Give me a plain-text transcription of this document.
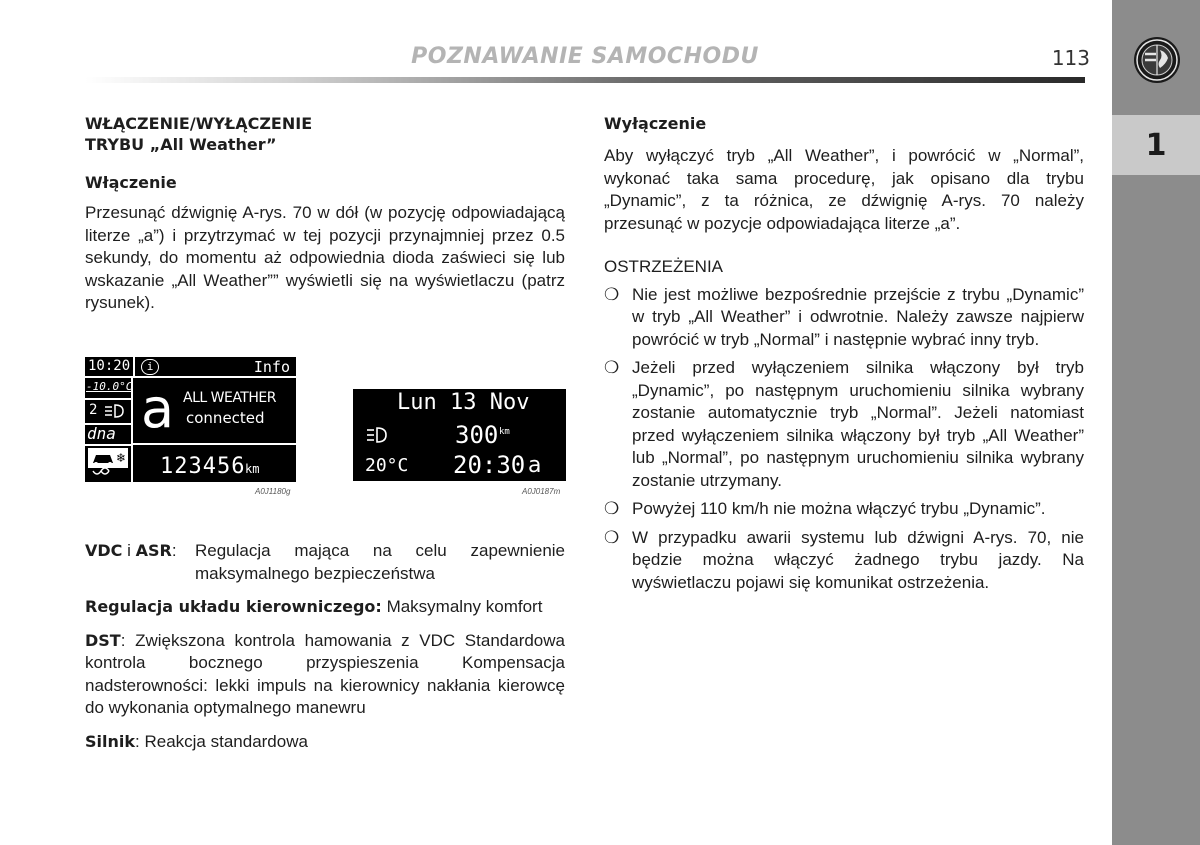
POZNAWANIE SAMOCHODU	113
1

WŁĄCZENIE/WYŁĄCZENIE
TRYBU „All Weather”

Włączenie

Przesunąć dźwignię A-rys. 70 w dół (w pozycję odpowiadającą literze „a”) i przytrzymać w tej pozycji przynajmniej przez 0.5 sekundy, do momentu aż odpowiednia dioda zaświeci się lub wskazanie „All Weather”” wyświetli się na wyświetlaczu (patrz rysunek).

10:20	i	Info
-10.0°C
2
dna
❄
a ALL WEATHER
connected
123456 km
A0J1180g
Lun 13 Nov
300 km
20°C 20:30 a
A0J0187m
VDC i ASR: Regulacja mająca na celu zapewnienie maksymalnego bezpieczeństwa
Regulacja układu kierowniczego: Maksymalny komfort
DST: Zwiększona kontrola hamowania z VDC Standardowa kontrola bocznego przyspieszenia Kompensacja nadsterowności: lekki impuls na kierownicy nakłania kierowcę do wykonania optymalnego manewru
Silnik: Reakcja standardowa

Wyłączenie

Aby wyłączyć tryb „All Weather”, i powrócić w „Normal”, wykonać taka sama procedurę, jak opisano dla trybu „Dynamic”, z ta różnica, ze dźwignię A-rys. 70 należy przesunąć w pozycje odpowiadająca literze „a”.

OSTRZEŻENIA

❍ Nie jest możliwe bezpośrednie przejście z trybu „Dynamic” w tryb „All Weather” i odwrotnie. Należy zawsze najpierw powrócić w tryb „Normal” i następnie wybrać inny tryb.
❍ Jeżeli przed wyłączeniem silnika włączony był tryb „Dynamic”, po następnym uruchomieniu silnika wybrany zostanie automatycznie tryb „Normal”. Jeżeli natomiast przed wyłączeniem silnika włączony był tryb „All Weather” lub „Normal”, po następnym uruchomieniu silnika wybrany zostanie utrzymany.
❍ Powyżej 110 km/h nie można włączyć trybu „Dynamic”.
❍ W przypadku awarii systemu lub dźwigni A-rys. 70, nie będzie można włączyć żadnego trybu jazdy. Na wyświetlaczu pojawi się komunikat ostrzeżenia.
